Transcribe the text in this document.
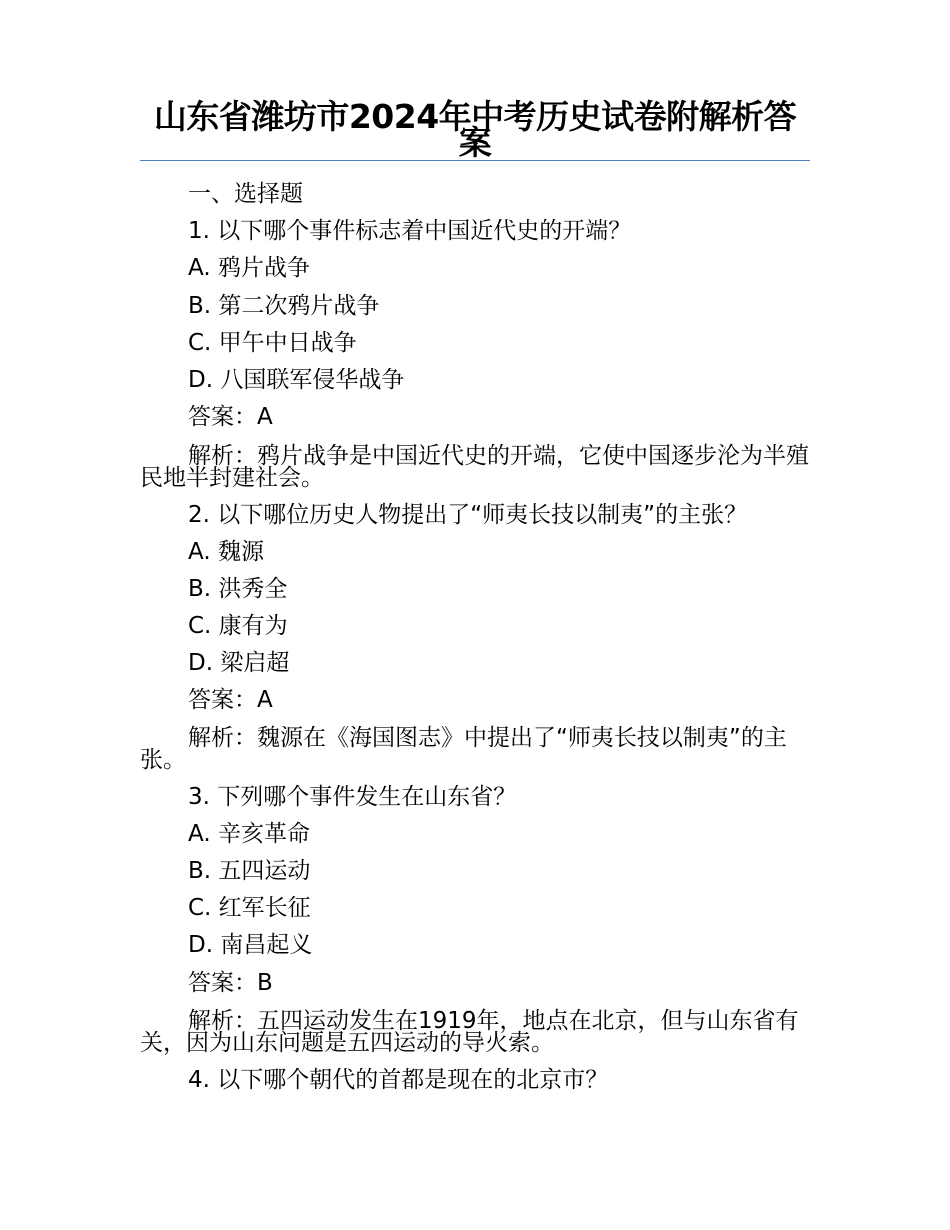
山东省潍坊市2024年中考历史试卷附解析答案
一、选择题
1. 以下哪个事件标志着中国近代史的开端？
A. 鸦片战争
B. 第二次鸦片战争
C. 甲午中日战争
D. 八国联军侵华战争
答案：A
解析：鸦片战争是中国近代史的开端，它使中国逐步沦为半殖民地半封建社会。
2. 以下哪位历史人物提出了“师夷长技以制夷”的主张？
A. 魏源
B. 洪秀全
C. 康有为
D. 梁启超
答案：A
解析：魏源在《海国图志》中提出了“师夷长技以制夷”的主张。
3. 下列哪个事件发生在山东省？
A. 辛亥革命
B. 五四运动
C. 红军长征
D. 南昌起义
答案：B
解析：五四运动发生在1919年，地点在北京，但与山东省有关，因为山东问题是五四运动的导火索。
4. 以下哪个朝代的首都是现在的北京市？
